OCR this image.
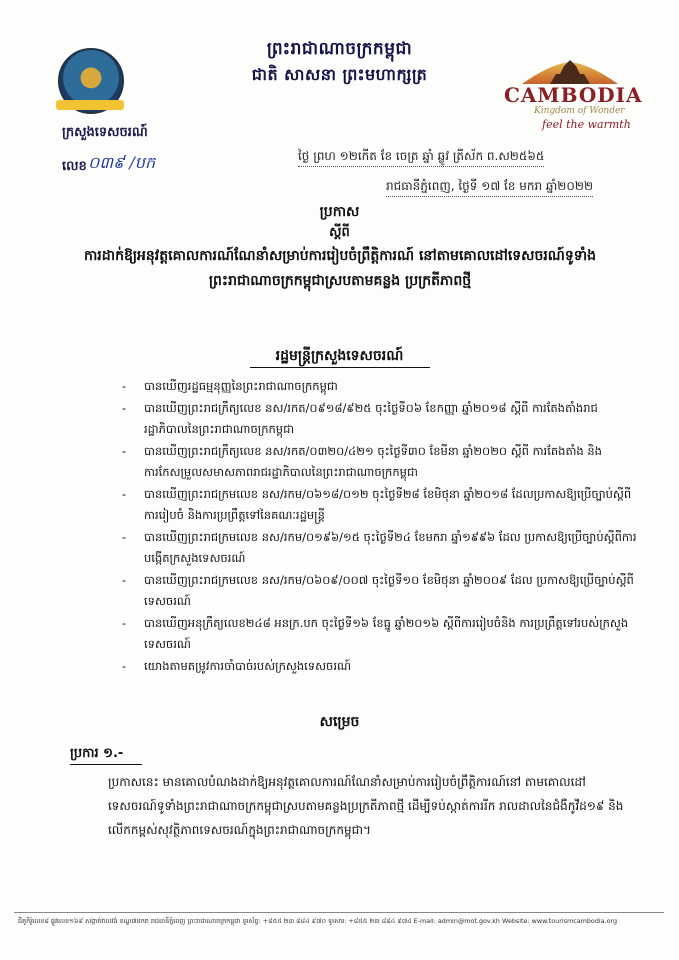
ព្រះរាជាណាចក្រកម្ពុជា
ជាតិ សាសនា ព្រះមហាក្សត្រ
ក្រសួងទេសចរណ៍
លេខ ០៣៩ /បក
CAMBODIA
Kingdom of Wonder
feel the warmth
ថ្ងៃ ព្រហ ១២កើត ខែ ចេត្រ ឆ្នាំ ឆ្លូវ ត្រីស័ក ព.ស២៥៦៥
រាជធានីភ្នំពេញ, ថ្ងៃទី ១៧ ខែ មករា ឆ្នាំ២០២២
ប្រកាស
ស្តីពី
ការដាក់ឱ្យអនុវត្តគោលការណ៍ណែនាំសម្រាប់ការរៀបចំព្រឹត្តិការណ៍ នៅតាមគោលដៅទេសចរណ៍ទូទាំងព្រះរាជាណាចក្រកម្ពុជាស្របតាមគន្លង ប្រក្រតីភាពថ្មី
រដ្ឋមន្ត្រីក្រសួងទេសចរណ៍
- បានឃើញរដ្ឋធម្មនុញ្ញនៃព្រះរាជាណាចក្រកម្ពុជា
- បានឃើញព្រះរាជក្រឹត្យលេខ នស/រកត/០៩១៨/៩២៥ ចុះថ្ងៃទី០៦ ខែកញ្ញា ឆ្នាំ២០១៨ ស្តីពី ការតែងតាំងរាជរដ្ឋាភិបាលនៃព្រះរាជាណាចក្រកម្ពុជា
- បានឃើញព្រះរាជក្រឹត្យលេខ នស/រកត/០៣២០/៤២១ ចុះថ្ងៃទី៣០ ខែមីនា ឆ្នាំ២០២០ ស្តីពី ការតែងតាំង និងការកែសម្រួលសមាសភាពរាជរដ្ឋាភិបាលនៃព្រះរាជាណាចក្រកម្ពុជា
- បានឃើញព្រះរាជក្រមលេខ នស/រកម/០៦១៨/០១២ ចុះថ្ងៃទី២៨ ខែមិថុនា ឆ្នាំ២០១៨ ដែលប្រកាសឱ្យប្រើច្បាប់ស្តីពីការរៀបចំ និងការប្រព្រឹត្តទៅនៃគណៈរដ្ឋមន្ត្រី
- បានឃើញព្រះរាជក្រមលេខ នស/រកម/០១៩៦/១៥ ចុះថ្ងៃទី២៤ ខែមករា ឆ្នាំ១៩៩៦ ដែល ប្រកាសឱ្យប្រើច្បាប់ស្តីពីការបង្កើតក្រសួងទេសចរណ៍
- បានឃើញព្រះរាជក្រមលេខ នស/រកម/០៦០៩/០០៧ ចុះថ្ងៃទី១០ ខែមិថុនា ឆ្នាំ២០០៩ ដែល ប្រកាសឱ្យប្រើច្បាប់ស្តីពីទេសចរណ៍
- បានឃើញអនុក្រឹត្យលេខ២៤៨ អនក្រ.បក ចុះថ្ងៃទី១៦ ខែធ្នូ ឆ្នាំ២០១៦ ស្តីពីការរៀបចំនិង ការប្រព្រឹត្តទៅរបស់ក្រសួងទេសចរណ៍
- យោងតាមតម្រូវការចាំបាច់របស់ក្រសួងទេសចរណ៍
សម្រេច
ប្រការ ១.-
ប្រកាសនេះ មានគោលបំណងដាក់ឱ្យអនុវត្តគោលការណ៍ណែនាំសម្រាប់ការរៀបចំព្រឹត្តិការណ៍នៅ តាមគោលដៅទេសចរណ៍ទូទាំងព្រះរាជាណាចក្រកម្ពុជាស្របតាមគន្លងប្រក្រតីភាពថ្មី ដើម្បីទប់ស្កាត់ការរីក រាលដាលនៃជំងឺកូវីដ១៩ និងលើកកម្ពស់សុវត្ថិភាពទេសចរណ៍ក្នុងព្រះរាជាណាចក្រកម្ពុជា។
ជីតូកិរ៉ូលេខ៨ ផ្លូវលេខ១៦៩ សង្កាត់វាលវង់ ខណ្ឌ៧មករា រាជធានីភ្នំពេញ ព្រះរាជាណាចក្រកម្ពុជា ទូរស័ព្ទ: +៨៥៥ ២៣ ៨៨៤ ៩៧០ ទូរសារ: +៨៥៥ ២៣ ៨៨៤ ៩៧៤ E-mail: admin@mot.gov.kh Website: www.tourismcambodia.org
